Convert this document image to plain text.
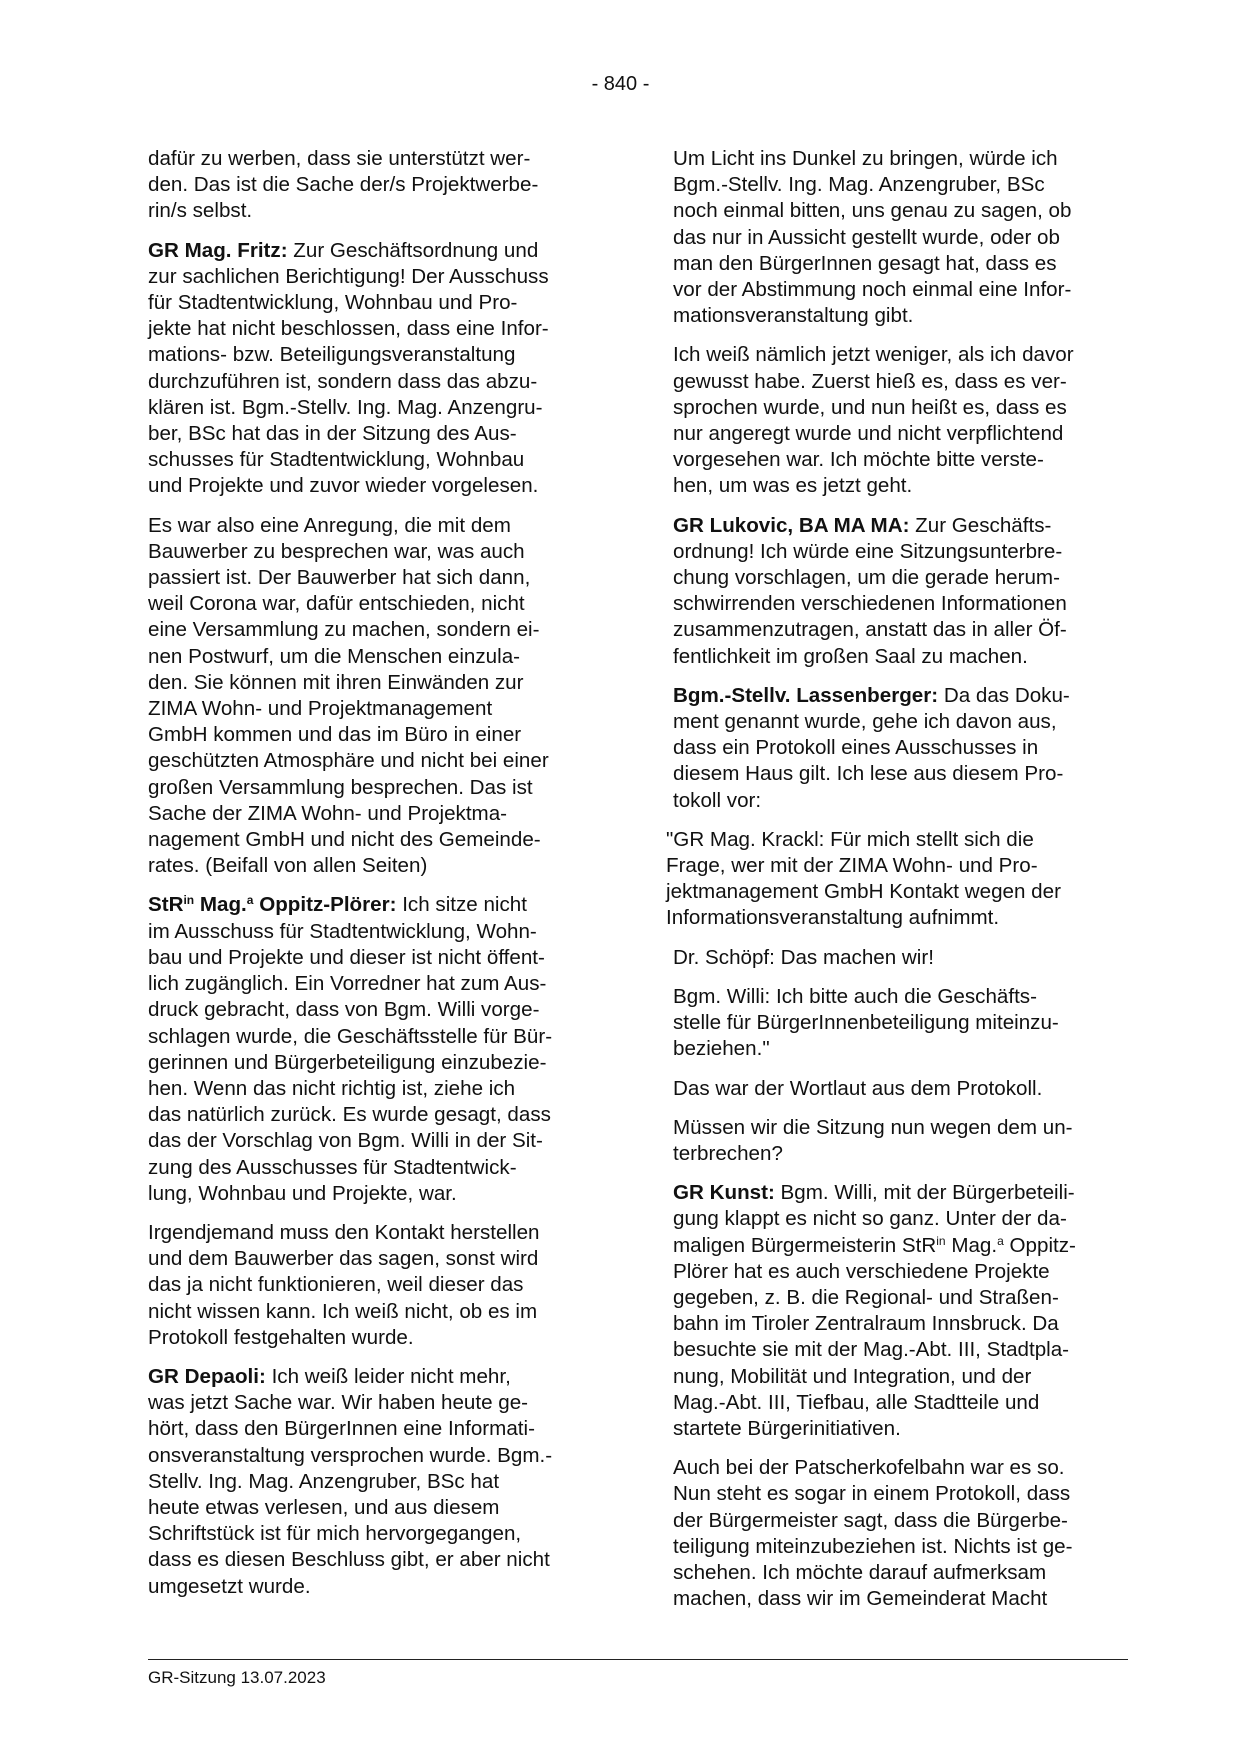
- 840 -

dafür zu werben, dass sie unterstützt wer-
den. Das ist die Sache der/s Projektwerbe-
rin/s selbst.

GR Mag. Fritz: Zur Geschäftsordnung und
zur sachlichen Berichtigung! Der Ausschuss
für Stadtentwicklung, Wohnbau und Pro-
jekte hat nicht beschlossen, dass eine Infor-
mations- bzw. Beteiligungsveranstaltung
durchzuführen ist, sondern dass das abzu-
klären ist. Bgm.-Stellv. Ing. Mag. Anzengru-
ber, BSc hat das in der Sitzung des Aus-
schusses für Stadtentwicklung, Wohnbau
und Projekte und zuvor wieder vorgelesen.

Es war also eine Anregung, die mit dem
Bauwerber zu besprechen war, was auch
passiert ist. Der Bauwerber hat sich dann,
weil Corona war, dafür entschieden, nicht
eine Versammlung zu machen, sondern ei-
nen Postwurf, um die Menschen einzula-
den. Sie können mit ihren Einwänden zur
ZIMA Wohn- und Projektmanagement
GmbH kommen und das im Büro in einer
geschützten Atmosphäre und nicht bei einer
großen Versammlung besprechen. Das ist
Sache der ZIMA Wohn- und Projektma-
nagement GmbH und nicht des Gemeinde-
rates. (Beifall von allen Seiten)

StR$^{in}$ Mag.$^a$ Oppitz-Plörer: Ich sitze nicht
im Ausschuss für Stadtentwicklung, Wohn-
bau und Projekte und dieser ist nicht öffent-
lich zugänglich. Ein Vorredner hat zum Aus-
druck gebracht, dass von Bgm. Willi vorge-
schlagen wurde, die Geschäftsstelle für Bür-
gerinnen und Bürgerbeteiligung einzubezie-
hen. Wenn das nicht richtig ist, ziehe ich
das natürlich zurück. Es wurde gesagt, dass
das der Vorschlag von Bgm. Willi in der Sit-
zung des Ausschusses für Stadtentwick-
lung, Wohnbau und Projekte, war.

Irgendjemand muss den Kontakt herstellen
und dem Bauwerber das sagen, sonst wird
das ja nicht funktionieren, weil dieser das
nicht wissen kann. Ich weiß nicht, ob es im
Protokoll festgehalten wurde.

GR Depaoli: Ich weiß leider nicht mehr,
was jetzt Sache war. Wir haben heute ge-
hört, dass den BürgerInnen eine Informati-
onsveranstaltung versprochen wurde. Bgm.-
Stellv. Ing. Mag. Anzengruber, BSc hat
heute etwas verlesen, und aus diesem
Schriftstück ist für mich hervorgegangen,
dass es diesen Beschluss gibt, er aber nicht
umgesetzt wurde.

Um Licht ins Dunkel zu bringen, würde ich
Bgm.-Stellv. Ing. Mag. Anzengruber, BSc
noch einmal bitten, uns genau zu sagen, ob
das nur in Aussicht gestellt wurde, oder ob
man den BürgerInnen gesagt hat, dass es
vor der Abstimmung noch einmal eine Infor-
mationsveranstaltung gibt.

Ich weiß nämlich jetzt weniger, als ich davor
gewusst habe. Zuerst hieß es, dass es ver-
sprochen wurde, und nun heißt es, dass es
nur angeregt wurde und nicht verpflichtend
vorgesehen war. Ich möchte bitte verste-
hen, um was es jetzt geht.

GR Lukovic, BA MA MA: Zur Geschäfts-
ordnung! Ich würde eine Sitzungsunterbre-
chung vorschlagen, um die gerade herum-
schwirrenden verschiedenen Informationen
zusammenzutragen, anstatt das in aller Öf-
fentlichkeit im großen Saal zu machen.

Bgm.-Stellv. Lassenberger: Da das Doku-
ment genannt wurde, gehe ich davon aus,
dass ein Protokoll eines Ausschusses in
diesem Haus gilt. Ich lese aus diesem Pro-
tokoll vor:

"GR Mag. Krackl: Für mich stellt sich die
Frage, wer mit der ZIMA Wohn- und Pro-
jektmanagement GmbH Kontakt wegen der
Informationsveranstaltung aufnimmt.

Dr. Schöpf: Das machen wir!

Bgm. Willi: Ich bitte auch die Geschäfts-
stelle für BürgerInnenbeteiligung miteinzu-
beziehen."

Das war der Wortlaut aus dem Protokoll.

Müssen wir die Sitzung nun wegen dem un-
terbrechen?

GR Kunst: Bgm. Willi, mit der Bürgerbeteili-
gung klappt es nicht so ganz. Unter der da-
maligen Bürgermeisterin StR$^{in}$ Mag.$^a$ Oppitz-
Plörer hat es auch verschiedene Projekte
gegeben, z. B. die Regional- und Straßen-
bahn im Tiroler Zentralraum Innsbruck. Da
besuchte sie mit der Mag.-Abt. III, Stadtpla-
nung, Mobilität und Integration, und der
Mag.-Abt. III, Tiefbau, alle Stadtteile und
startete Bürgerinitiativen.

Auch bei der Patscherkofelbahn war es so.
Nun steht es sogar in einem Protokoll, dass
der Bürgermeister sagt, dass die Bürgerbe-
teiligung miteinzubeziehen ist. Nichts ist ge-
schehen. Ich möchte darauf aufmerksam
machen, dass wir im Gemeinderat Macht

GR-Sitzung 13.07.2023
